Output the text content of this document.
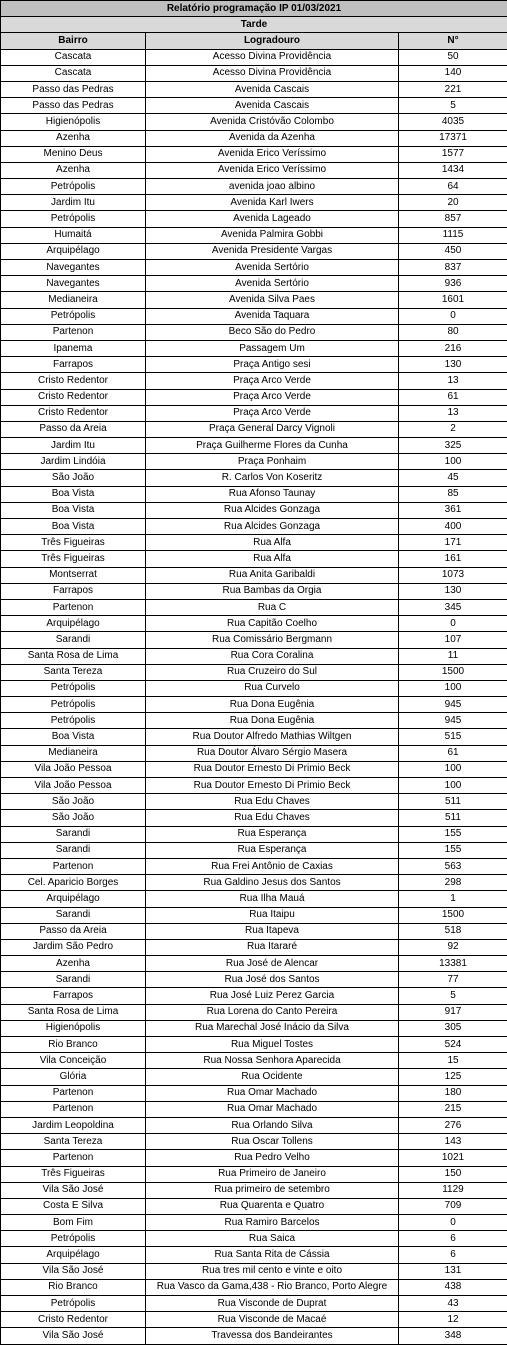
Relatório programação IP 01/03/2021		
Tarde		
Bairro	Logradouro	N°
Cascata	Acesso Divina Providência	50
Cascata	Acesso Divina Providência	140
Passo das Pedras	Avenida Cascais	221
Passo das Pedras	Avenida Cascais	5
Higienópolis	Avenida Cristóvão Colombo	4035
Azenha	Avenida da Azenha	17371
Menino Deus	Avenida Erico Veríssimo	1577
Azenha	Avenida Erico Veríssimo	1434
Petrópolis	avenida joao albino	64
Jardim Itu	Avenida Karl Iwers	20
Petrópolis	Avenida Lageado	857
Humaitá	Avenida Palmira Gobbi	1115
Arquipélago	Avenida Presidente Vargas	450
Navegantes	Avenida Sertório	837
Navegantes	Avenida Sertório	936
Medianeira	Avenida Silva Paes	1601
Petrópolis	Avenida Taquara	0
Partenon	Beco São do Pedro	80
Ipanema	Passagem Um	216
Farrapos	Praça Antigo sesi	130
Cristo Redentor	Praça Arco Verde	13
Cristo Redentor	Praça Arco Verde	61
Cristo Redentor	Praça Arco Verde	13
Passo da Areia	Praça General Darcy Vignoli	2
Jardim Itu	Praça Guilherme Flores da Cunha	325
Jardim Lindóia	Praça Ponhaim	100
São João	R. Carlos Von Koseritz	45
Boa Vista	Rua Afonso Taunay	85
Boa Vista	Rua Alcides Gonzaga	361
Boa Vista	Rua Alcides Gonzaga	400
Três Figueiras	Rua Alfa	171
Três Figueiras	Rua Alfa	161
Montserrat	Rua Anita Garibaldi	1073
Farrapos	Rua Bambas da Orgia	130
Partenon	Rua C	345
Arquipélago	Rua Capitão Coelho	0
Sarandi	Rua Comissário Bergmann	107
Santa Rosa de Lima	Rua Cora Coralina	11
Santa Tereza	Rua Cruzeiro do Sul	1500
Petrópolis	Rua Curvelo	100
Petrópolis	Rua Dona Eugênia	945
Petrópolis	Rua Dona Eugênia	945
Boa Vista	Rua Doutor Alfredo Mathias Wiltgen	515
Medianeira	Rua Doutor Álvaro Sérgio Masera	61
Vila João Pessoa	Rua Doutor Ernesto Di Primio Beck	100
Vila João Pessoa	Rua Doutor Ernesto Di Primio Beck	100
São João	Rua Edu Chaves	511
São João	Rua Edu Chaves	511
Sarandi	Rua Esperança	155
Sarandi	Rua Esperança	155
Partenon	Rua Frei Antônio de Caxias	563
Cel. Aparicio Borges	Rua Galdino Jesus dos Santos	298
Arquipélago	Rua Ilha Mauá	1
Sarandi	Rua Itaipu	1500
Passo da Areia	Rua Itapeva	518
Jardim São Pedro	Rua Itararé	92
Azenha	Rua José de Alencar	13381
Sarandi	Rua José dos Santos	77
Farrapos	Rua José Luiz Perez Garcia	5
Santa Rosa de Lima	Rua Lorena do Canto Pereira	917
Higienópolis	Rua Marechal José Inácio da Silva	305
Rio Branco	Rua Miguel Tostes	524
Vila Conceição	Rua Nossa Senhora Aparecida	15
Glória	Rua Ocidente	125
Partenon	Rua Omar Machado	180
Partenon	Rua Omar Machado	215
Jardim Leopoldina	Rua Orlando Silva	276
Santa Tereza	Rua Oscar Tollens	143
Partenon	Rua Pedro Velho	1021
Três Figueiras	Rua Primeiro de Janeiro	150
Vila São José	Rua primeiro de setembro	1129
Costa E Silva	Rua Quarenta e Quatro	709
Bom Fim	Rua Ramiro Barcelos	0
Petrópolis	Rua Saica	6
Arquipélago	Rua Santa Rita de Cássia	6
Vila São José	Rua tres mil cento e vinte e oito	131
Rio Branco	Rua Vasco da Gama,438 - Rio Branco, Porto Alegre	438
Petrópolis	Rua Visconde de Duprat	43
Cristo Redentor	Rua Visconde de Macaé	12
Vila São José	Travessa dos Bandeirantes	348
